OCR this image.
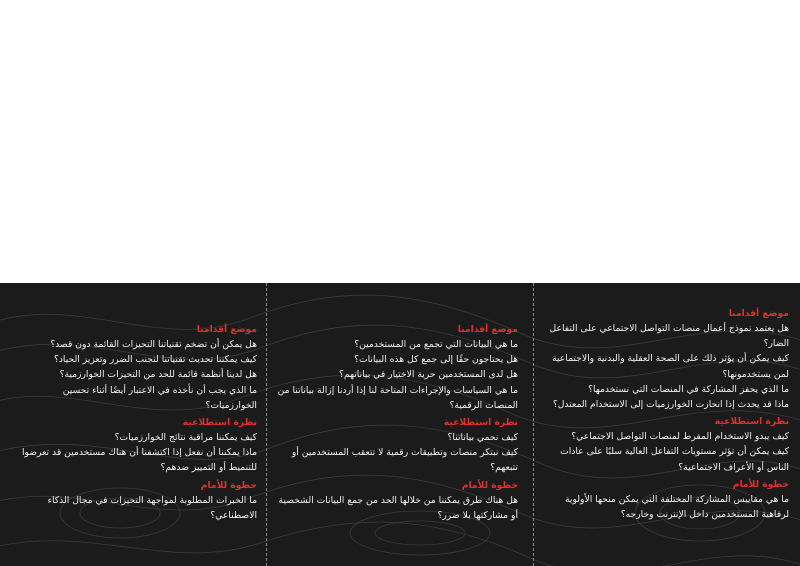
موضع أقدامنا

هل يمكن أن تضخم تقنياتنا التحيزات القائمة دون قصد؟

كيف يمكننا تحديث تقنياتنا لتجنب الضرر وتعزيز الحياد؟

هل لدينا أنظمة قائمة للحد من التحيزات الخوارزمية؟

ما الذي يجب أن نأخذه في الاعتبار أيضًا أثناء تحسين الخوارزميات؟

نظرة استطلاعية

كيف يمكننا مراقبة نتائج الخوارزميات؟

ماذا يمكننا أن نفعل إذا اكتشفنا أن هناك مستخدمين قد تعرضوا للتنميط أو التمييز ضدهم؟

خطوة للأمام

ما الخبرات المطلوبة لمواجهة التحيزات في مجال الذكاء الاصطناعي؟

موضع أقدامنا

ما هي البيانات التي تجمع من المستخدمين؟

هل يحتاجون حقًا إلى جمع كل هذه البيانات؟

هل لدى المستخدمين حرية الاختيار في بياناتهم؟

ما هي السياسات والإجراءات المتاحة لنا إذا أردنا إزالة بياناتنا من المنصات الرقمية؟

نظرة استطلاعية

كيف نحمي بياناتنا؟

كيف نبتكر منصات وتطبيقات رقمية لا تتعقب المستخدمين أو تتبعهم؟

خطوة للأمام

هل هناك طرق يمكننا من خلالها الحد من جمع البيانات الشخصية أو مشاركتها بلا ضرر؟

موضع أقدامنا

هل يعتمد نموذج أعمال منصات التواصل الاجتماعي على التفاعل الضار؟

كيف يمكن أن يؤثر ذلك على الصحة العقلية والبدنية والاجتماعية لمن يستخدمونها؟

ما الذي يحفز المشاركة في المنصات التي نستخدمها؟

ماذا قد يحدث إذا انحازت الخوارزميات إلى الاستخدام المعتدل؟

نظرة استطلاعية

كيف يبدو الاستخدام المفرط لمنصات التواصل الاجتماعي؟

كيف يمكن أن تؤثر مستويات التفاعل العالية سلبًا على عادات الناس أو الأعراف الاجتماعية؟

خطوة للأمام

ما هي مقاييس المشاركة المختلفة التي يمكن منحها الأولوية لرفاهية المستخدمين داخل الإنترنت وخارجه؟
